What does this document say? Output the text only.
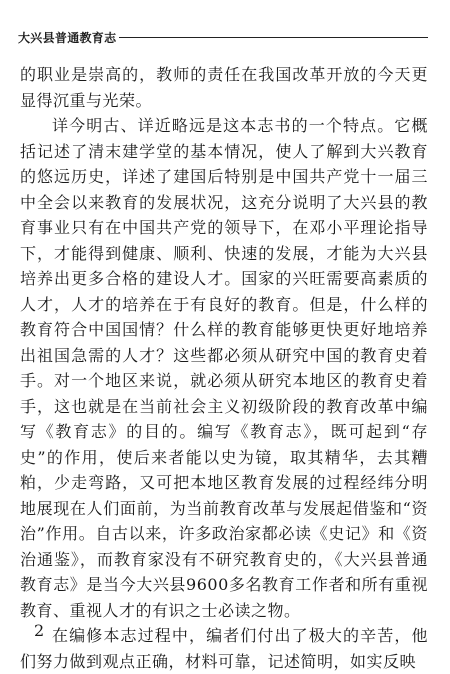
大兴县普通教育志

的职业是崇高的，教师的责任在我国改革开放的今天更显得沉重与光荣。

详今明古、详近略远是这本志书的一个特点。它概括记述了清末建学堂的基本情况，使人了解到大兴教育的悠远历史，详述了建国后特别是中国共产党十一届三中全会以来教育的发展状况，这充分说明了大兴县的教育事业只有在中国共产党的领导下，在邓小平理论指导下，才能得到健康、顺利、快速的发展，才能为大兴县培养出更多合格的建设人才。国家的兴旺需要高素质的人才，人才的培养在于有良好的教育。但是，什么样的教育符合中国国情？什么样的教育能够更快更好地培养出祖国急需的人才？这些都必须从研究中国的教育史着手。对一个地区来说，就必须从研究本地区的教育史着手，这也就是在当前社会主义初级阶段的教育改革中编写《教育志》的目的。编写《教育志》，既可起到“存史”的作用，使后来者能以史为镜，取其精华，去其糟粕，少走弯路，又可把本地区教育发展的过程经纬分明地展现在人们面前，为当前教育改革与发展起借鉴和“资治”作用。自古以来，许多政治家都必读《史记》和《资治通鉴》，而教育家没有不研究教育史的，《大兴县普通教育志》是当今大兴县9600多名教育工作者和所有重视教育、重视人才的有识之士必读之物。

在编修本志过程中，编者们付出了极大的辛苦，他们努力做到观点正确，材料可靠，记述简明，如实反映

2
